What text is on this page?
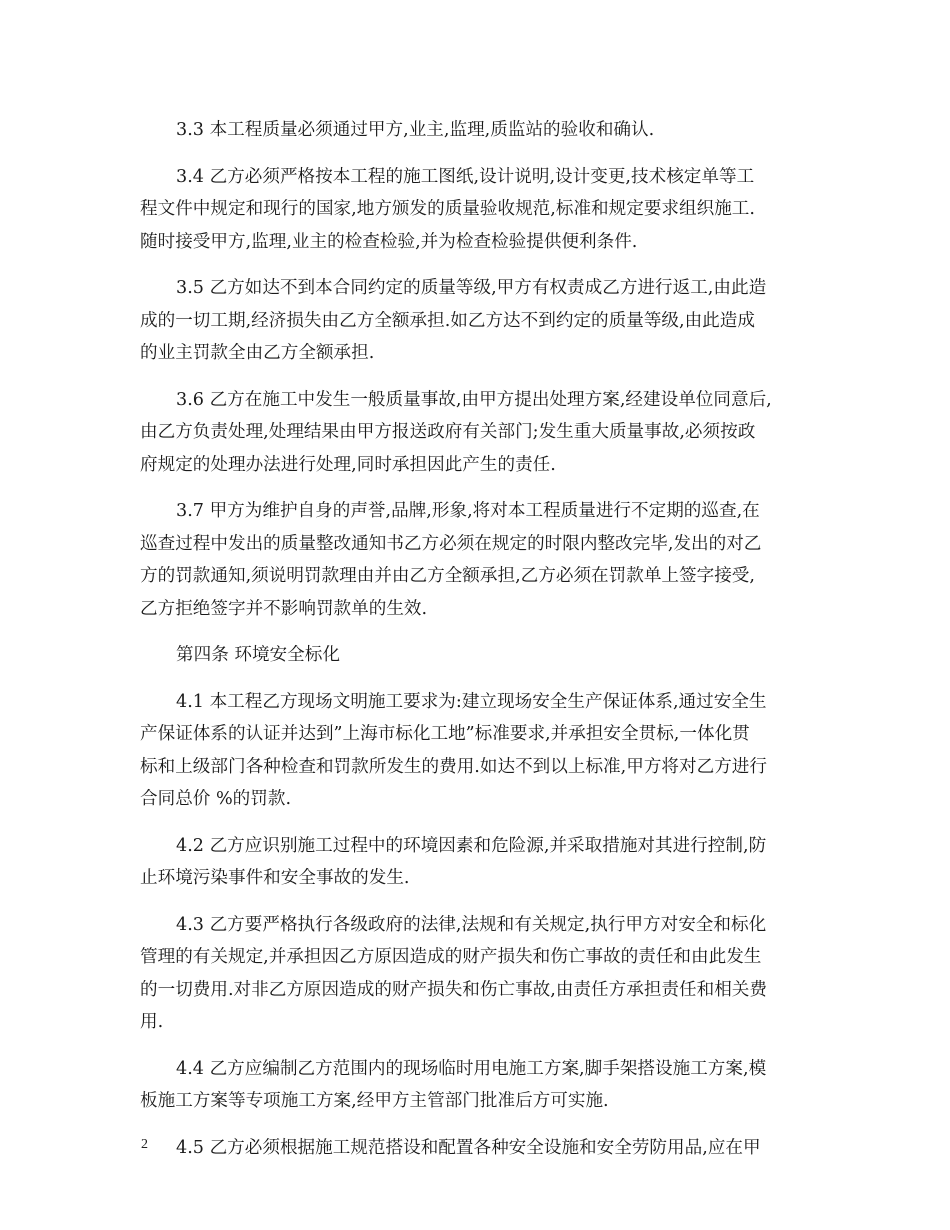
3.3 本工程质量必须通过甲方,业主,监理,质监站的验收和确认.
3.4 乙方必须严格按本工程的施工图纸,设计说明,设计变更,技术核定单等工
程文件中规定和现行的国家,地方颁发的质量验收规范,标准和规定要求组织施工.
随时接受甲方,监理,业主的检查检验,并为检查检验提供便利条件.
3.5 乙方如达不到本合同约定的质量等级,甲方有权责成乙方进行返工,由此造
成的一切工期,经济损失由乙方全额承担.如乙方达不到约定的质量等级,由此造成
的业主罚款全由乙方全额承担.
3.6 乙方在施工中发生一般质量事故,由甲方提出处理方案,经建设单位同意后,
由乙方负责处理,处理结果由甲方报送政府有关部门;发生重大质量事故,必须按政
府规定的处理办法进行处理,同时承担因此产生的责任.
3.7 甲方为维护自身的声誉,品牌,形象,将对本工程质量进行不定期的巡查,在
巡查过程中发出的质量整改通知书乙方必须在规定的时限内整改完毕,发出的对乙
方的罚款通知,须说明罚款理由并由乙方全额承担,乙方必须在罚款单上签字接受,
乙方拒绝签字并不影响罚款单的生效.
第四条 环境安全标化
4.1 本工程乙方现场文明施工要求为:建立现场安全生产保证体系,通过安全生
产保证体系的认证并达到”上海市标化工地”标准要求,并承担安全贯标,一体化贯
标和上级部门各种检查和罚款所发生的费用.如达不到以上标准,甲方将对乙方进行
合同总价 %的罚款.
4.2 乙方应识别施工过程中的环境因素和危险源,并采取措施对其进行控制,防
止环境污染事件和安全事故的发生.
4.3 乙方要严格执行各级政府的法律,法规和有关规定,执行甲方对安全和标化
管理的有关规定,并承担因乙方原因造成的财产损失和伤亡事故的责任和由此发生
的一切费用.对非乙方原因造成的财产损失和伤亡事故,由责任方承担责任和相关费
用.
4.4 乙方应编制乙方范围内的现场临时用电施工方案,脚手架搭设施工方案,模
板施工方案等专项施工方案,经甲方主管部门批准后方可实施.
4.5 乙方必须根据施工规范搭设和配置各种安全设施和安全劳防用品,应在甲
2
